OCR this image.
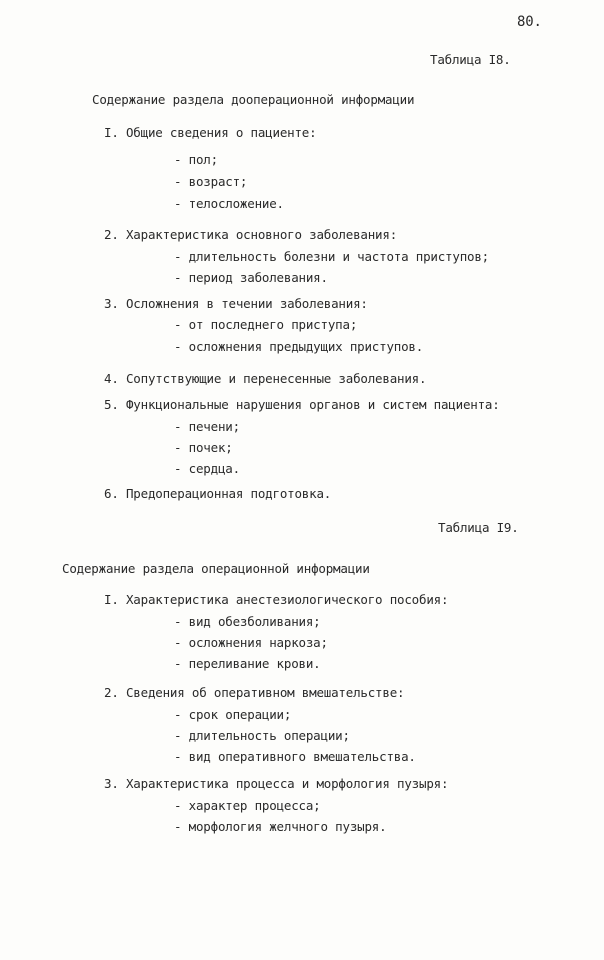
80.
Таблица I8.
Содержание раздела дооперационной информации
I. Общие сведения о пациенте:
- пол;
- возраст;
- телосложение.
2. Характеристика основного заболевания:
- длительность болезни и частота приступов;
- период заболевания.
3. Осложнения в течении заболевания:
- от последнего приступа;
- осложнения предыдущих приступов.
4. Сопутствующие и перенесенные заболевания.
5. Функциональные нарушения органов и систем пациента:
- печени;
- почек;
- сердца.
6. Предоперационная подготовка.
Таблица I9.
Содержание раздела операционной информации
I. Характеристика анестезиологического пособия:
- вид обезболивания;
- осложнения наркоза;
- переливание крови.
2. Сведения об оперативном вмешательстве:
- срок операции;
- длительность операции;
- вид оперативного вмешательства.
3. Характеристика процесса и морфология пузыря:
- характер процесса;
- морфология желчного пузыря.
